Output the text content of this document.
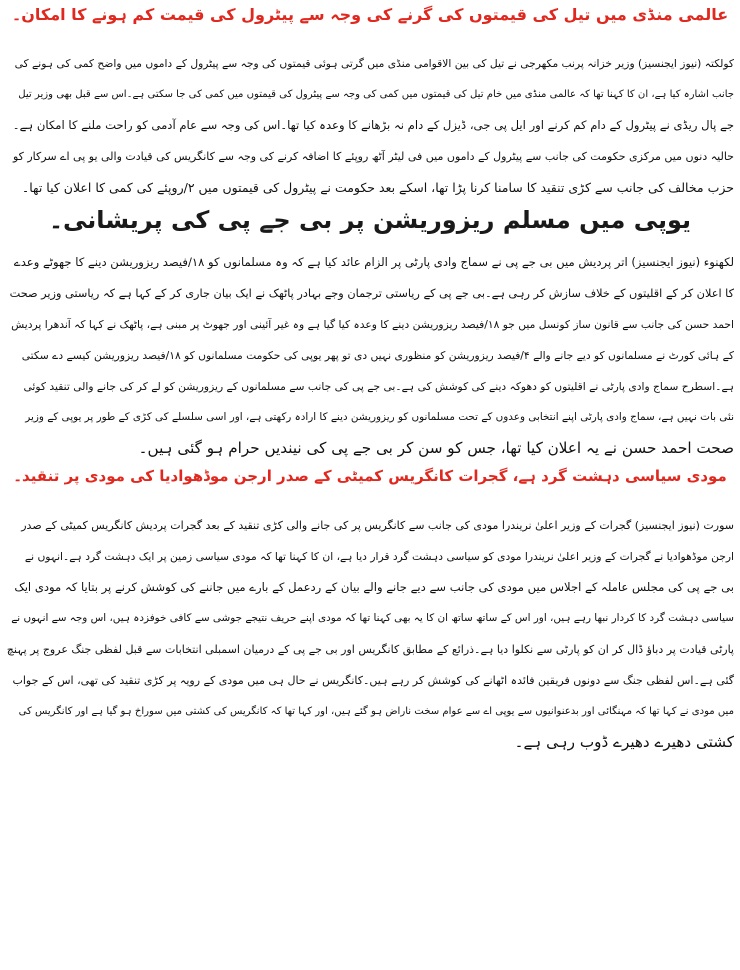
عالمی منڈی میں تیل کی قیمتوں کی گرنے کی وجہ سے پیٹرول کی قیمت کم ہونے کا امکان۔

کولکتہ (نیوز ایجنسیز) وزیر خزانہ پرنب مکھرجی نے تیل کی بین الاقوامی منڈی میں گرتی ہوئی قیمتوں کی وجہ سے پیٹرول کے داموں میں واضح کمی کی ہونے کی
جانب اشارہ کیا ہے، ان کا کہنا تھا کہ عالمی منڈی میں خام تیل کی قیمتوں میں کمی کی وجہ سے پیٹرول کی قیمتوں میں کمی کی جا سکتی ہے۔اس سے قبل بھی وزیر تیل
جے پال ریڈی نے پیٹرول کے دام کم کرنے اور ایل پی جی، ڈیزل کے دام نہ بڑھانے کا وعدہ کیا تھا۔اس کی وجہ سے عام آدمی کو راحت ملنے کا امکان ہے۔
حالیہ دنوں میں مرکزی حکومت کی جانب سے پیٹرول کے داموں میں فی لیٹر آٹھ روپئے کا اضافہ کرنے کی وجہ سے کانگریس کی قیادت والی یو پی اے سرکار کو
حزب مخالف کی جانب سے کڑی تنقید کا سامنا کرنا پڑا تھا، اسکے بعد حکومت نے پیٹرول کی قیمتوں میں ۲/روپئے کی کمی کا اعلان کیا تھا۔

یوپی میں مسلم ریزوریشن پر بی جے پی کی پریشانی۔

لکھنوء (نیوز ایجنسیز) اتر پردیش میں بی جے پی نے سماج وادی پارٹی پر الزام عائد کیا ہے کہ وہ مسلمانوں کو ۱۸/فیصد ریزوریشن دینے کا جھوٹے وعدے
کا اعلان کر کے اقلیتوں کے خلاف سازش کر رہی ہے۔بی جے پی کے ریاستی ترجمان وجے بہادر پاٹھک نے ایک بیان جاری کر کے کہا ہے کہ ریاستی وزیر صحت
احمد حسن کی جانب سے قانون ساز کونسل میں جو ۱۸/فیصد ریزوریشن دینے کا وعدہ کیا گیا ہے وہ غیر آئینی اور جھوٹ پر مبنی ہے، پاٹھک نے کہا کہ آندھرا پردیش
کے ہائی کورٹ نے مسلمانوں کو دیے جانے والے ۴/فیصد ریزوریشن کو منظوری نہیں دی تو پھر یوپی کی حکومت مسلمانوں کو ۱۸/فیصد ریزوریشن کیسے دے سکتی
ہے۔اسطرح سماج وادی پارٹی نے اقلیتوں کو دھوکہ دینے کی کوشش کی ہے۔بی جے پی کی جانب سے مسلمانوں کے ریزوریشن کو لے کر کی جانے والی تنقید کوئی
نئی بات نہیں ہے، سماج وادی پارٹی اپنے انتخابی وعدوں کے تحت مسلمانوں کو ریزوریشن دینے کا ارادہ رکھتی ہے، اور اسی سلسلے کی کڑی کے طور پر یوپی کے وزیر
صحت احمد حسن نے یہ اعلان کیا تھا، جس کو سن کر بی جے پی کی نیندیں حرام ہو گئی ہیں۔

مودی سیاسی دہشت گرد ہے، گجرات کانگریس کمیٹی کے صدر ارجن موڈھوادیا کی مودی پر تنقید۔

سورت (نیوز ایجنسیز) گجرات کے وزیر اعلیٰ نریندرا مودی کی جانب سے کانگریس پر کی جانے والی کڑی تنقید کے بعد گجرات پردیش کانگریس کمیٹی کے صدر
ارجن موڈھوادیا نے گجرات کے وزیر اعلیٰ نریندرا مودی کو سیاسی دہشت گرد قرار دیا ہے، ان کا کہنا تھا کہ مودی سیاسی زمین پر ایک دہشت گرد ہے۔انہوں نے
بی جے پی کی مجلس عاملہ کے اجلاس میں مودی کی جانب سے دیے جانے والے بیان کے ردعمل کے بارے میں جاننے کی کوشش کرنے پر بتایا کہ مودی ایک
سیاسی دہشت گرد کا کردار نبھا رہے ہیں، اور اس کے ساتھ ساتھ ان کا یہ بھی کہنا تھا کہ مودی اپنے حریف نتیجے جوشی سے کافی خوفزدہ ہیں، اس وجہ سے انہوں نے
پارٹی قیادت پر دباؤ ڈال کر ان کو پارٹی سے نکلوا دیا ہے۔ذرائع کے مطابق کانگریس اور بی جے پی کے درمیان اسمبلی انتخابات سے قبل لفظی جنگ عروج پر پہنچ
گئی ہے۔اس لفظی جنگ سے دونوں فریقین فائدہ اٹھانے کی کوشش کر رہے ہیں۔کانگریس نے حال ہی میں مودی کے رویہ پر کڑی تنقید کی تھی، اس کے جواب
میں مودی نے کہا تھا کہ مہنگائی اور بدعنوانیوں سے یوپی اے سے عوام سخت ناراض ہو گئے ہیں، اور کہا تھا کہ کانگریس کی کشتی میں سوراخ ہو گیا ہے اور کانگریس کی
کشتی دھیرے دھیرے ڈوب رہی ہے۔
